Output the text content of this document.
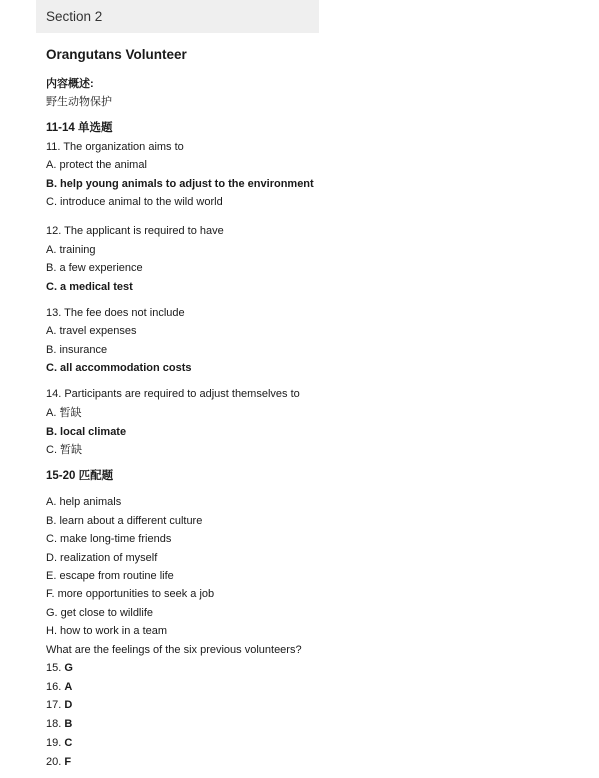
Section 2
Orangutans Volunteer
内容概述:
野生动物保护
11-14 单选题
11. The organization aims to
A. protect the animal
B. help young animals to adjust to the environment
C. introduce animal to the wild world
12. The applicant is required to have
A. training
B. a few experience
C. a medical test
13. The fee does not include
A. travel expenses
B. insurance
C. all accommodation costs
14. Participants are required to adjust themselves to
A. 暂缺
B. local climate
C. 暂缺
15-20 匹配题
A. help animals
B. learn about a different culture
C. make long-time friends
D. realization of myself
E. escape from routine life
F. more opportunities to seek a job
G. get close to wildlife
H. how to work in a team
What are the feelings of the six previous volunteers?
15. G
16. A
17. D
18. B
19. C
20. F
